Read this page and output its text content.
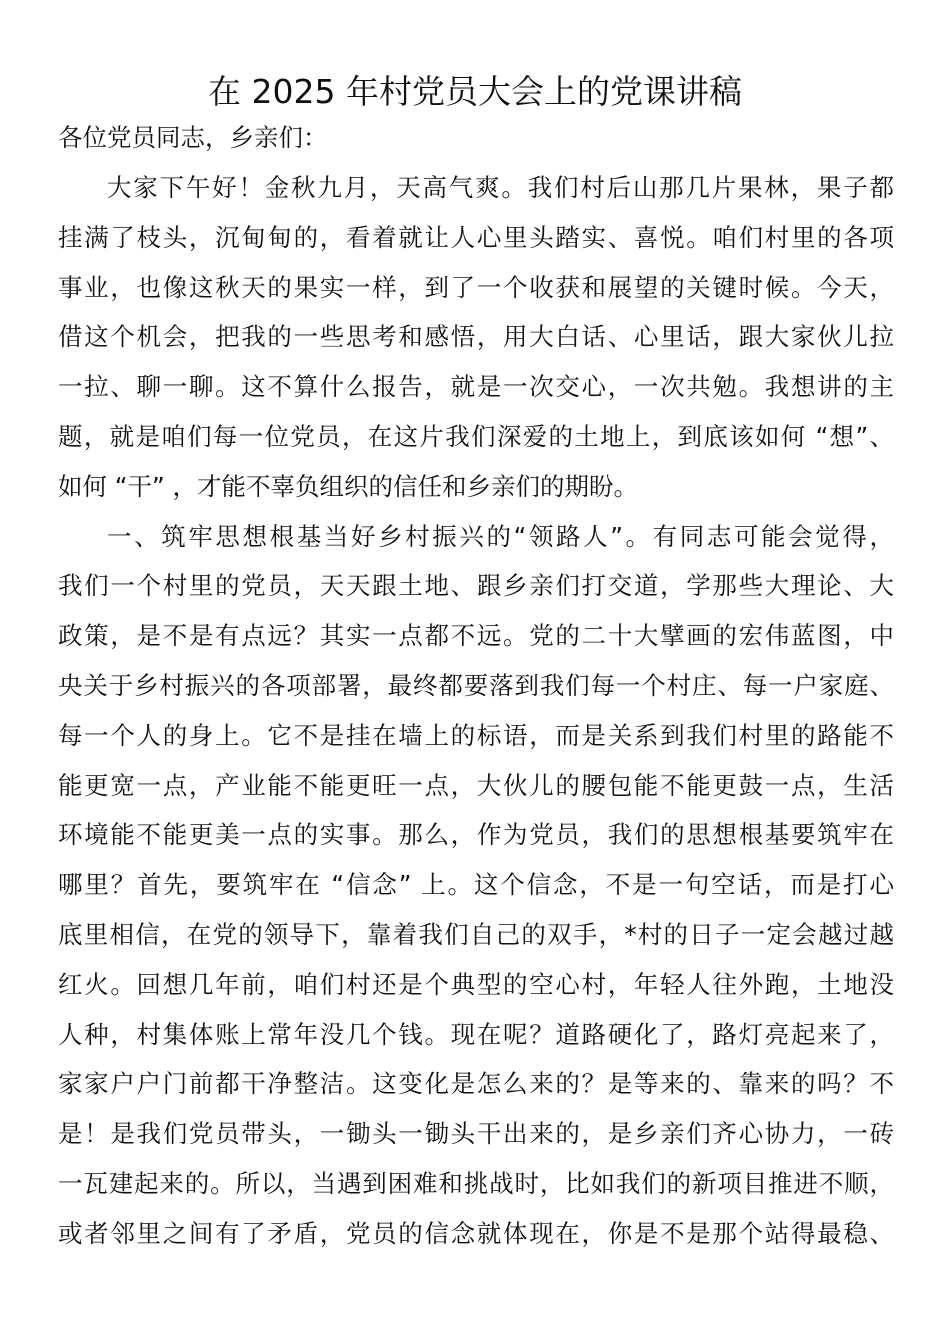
在 2025 年村党员大会上的党课讲稿

各位党员同志，乡亲们：

大家下午好！金秋九月，天高气爽。我们村后山那几片果林，果子都
挂满了枝头，沉甸甸的，看着就让人心里头踏实、喜悦。咱们村里的各项
事业，也像这秋天的果实一样，到了一个收获和展望的关键时候。今天，
借这个机会，把我的一些思考和感悟，用大白话、心里话，跟大家伙儿拉
一拉、聊一聊。这不算什么报告，就是一次交心，一次共勉。我想讲的主
题，就是咱们每一位党员，在这片我们深爱的土地上，到底该如何 “想”、
如何 “干” ，才能不辜负组织的信任和乡亲们的期盼。
一、筑牢思想根基当好乡村振兴的“领路人”。有同志可能会觉得，
我们一个村里的党员，天天跟土地、跟乡亲们打交道，学那些大理论、大
政策，是不是有点远？其实一点都不远。党的二十大擘画的宏伟蓝图，中
央关于乡村振兴的各项部署，最终都要落到我们每一个村庄、每一户家庭、
每一个人的身上。它不是挂在墙上的标语，而是关系到我们村里的路能不
能更宽一点，产业能不能更旺一点，大伙儿的腰包能不能更鼓一点，生活
环境能不能更美一点的实事。那么，作为党员，我们的思想根基要筑牢在
哪里？首先，要筑牢在 “信念” 上。这个信念，不是一句空话，而是打心
底里相信，在党的领导下，靠着我们自己的双手，*村的日子一定会越过越
红火。回想几年前，咱们村还是个典型的空心村，年轻人往外跑，土地没
人种，村集体账上常年没几个钱。现在呢？道路硬化了，路灯亮起来了，
家家户户门前都干净整洁。这变化是怎么来的？是等来的、靠来的吗？不
是！是我们党员带头，一锄头一锄头干出来的，是乡亲们齐心协力，一砖
一瓦建起来的。所以，当遇到困难和挑战时，比如我们的新项目推进不顺，
或者邻里之间有了矛盾，党员的信念就体现在，你是不是那个站得最稳、
